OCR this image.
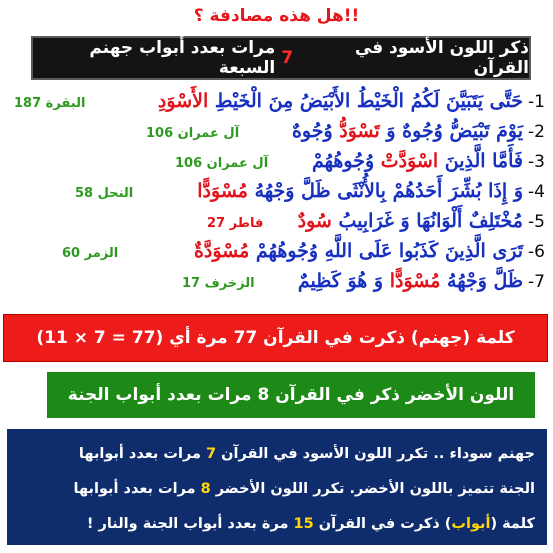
هل هذه مصادفة ؟!!
ذكر اللون الأسود في القرآن
7
مرات بعدد أبواب جهنم السبعة
-1
حَتَّى يَتَبَيَّنَ لَكُمُ الْخَيْطُ الأَبْيَضُ مِنَ الْخَيْطِ الأَسْوَدِ
البقرة 187
-2
يَوْمَ تَبْيَضُّ وُجُوهٌ وَ تَسْوَدُّ وُجُوهٌ
آل عمران 106
-3
فَأَمَّا الَّذِينَ اسْوَدَّتْ وُجُوهُهُمْ
آل عمران 106
-4
وَ إِذَا بُشِّرَ أَحَدُهُمْ بِالأُنْثَى ظَلَّ وَجْهُهُ مُسْوَدًّا
النحل 58
-5
مُخْتَلِفٌ أَلْوَانُهَا وَ غَرَابِيبُ سُودٌ
فاطر 27
-6
تَرَى الَّذِينَ كَذَبُوا عَلَى اللَّهِ وُجُوهُهُمْ مُسْوَدَّةٌ
الزمر 60
-7
ظَلَّ وَجْهُهُ مُسْوَدًّا وَ هُوَ كَظِيمٌ
الزخرف 17
كلمة (جهنم) ذكرت في القرآن 77 مرة أي (77 = 7 × 11)
اللون الأخضر ذكر في القرآن 8 مرات بعدد أبواب الجنة
جهنم سوداء .. تكرر اللون الأسود في القرآن 7 مرات بعدد أبوابها
الجنة تتميز باللون الأخضر. تكرر اللون الأخضر 8 مرات بعدد أبوابها
كلمة (أبواب) ذكرت في القرآن 15 مرة بعدد أبواب الجنة والنار !
